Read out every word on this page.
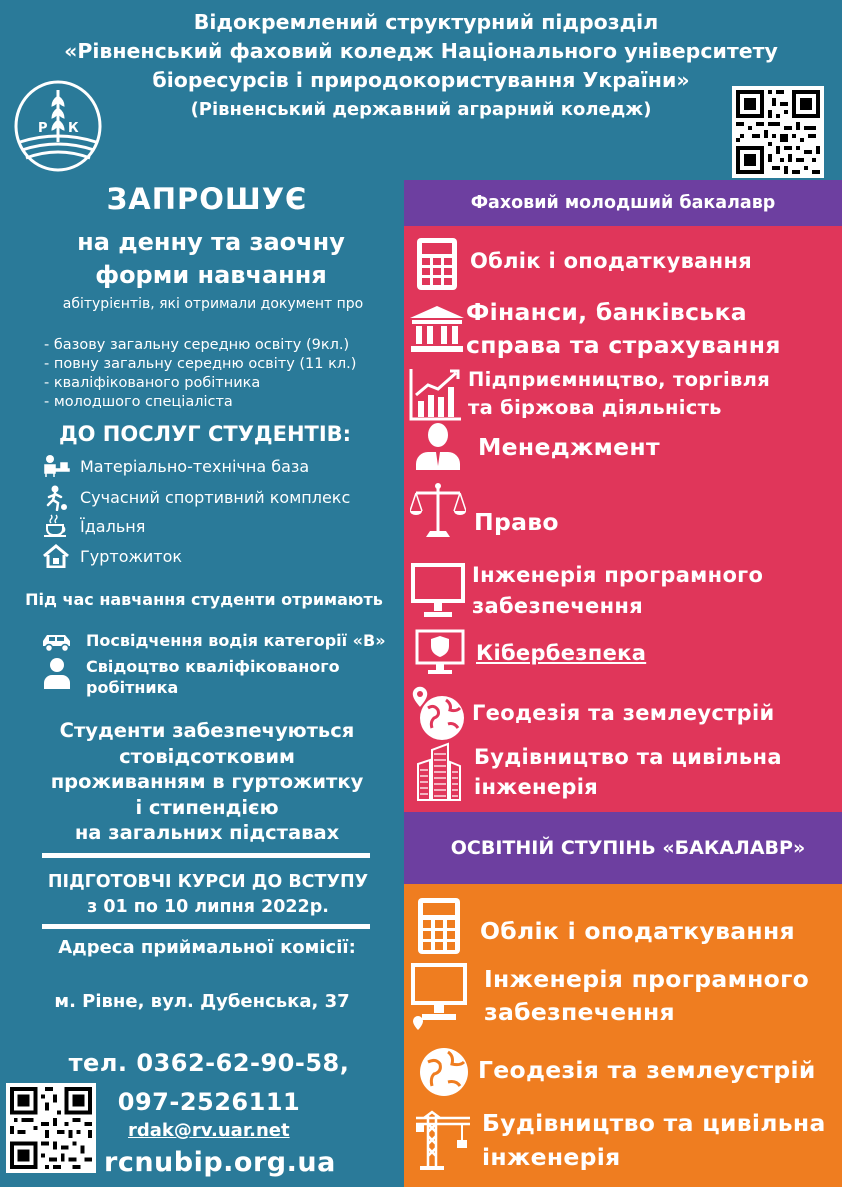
Відокремлений структурний підрозділ
«Рівненський фаховий коледж Національного університету
біоресурсів і природокористування України»
(Рівненський державний аграрний коледж)
Р К
ЗАПРОШУЄ
на денну та заочну
форми навчання
абітурієнтів, які отримали документ про
- базову загальну середню освіту (9кл.)
- повну загальну середню освіту (11 кл.)
- кваліфікованого робітника
- молодшого спеціаліста
ДО ПОСЛУГ СТУДЕНТІВ:
Матеріально-технічна база
Сучасний спортивний комплекс
Їдальня
Гуртожиток
Під час навчання студенти отримають
Посвідчення водія категорії «В»
Свідоцтво кваліфікованого
робітника
Студенти забезпечуються
стовідсотковим
проживанням в гуртожитку
і стипендією
на загальних підставах
ПІДГОТОВЧІ КУРСИ ДО ВСТУПУ
з 01 по 10 липня 2022р.
Адреса приймальної комісії:
м. Рівне, вул. Дубенська, 37
тел. 0362-62-90-58,
097-2526111
rdak@rv.uar.net
rcnubip.org.ua
Фаховий молодший бакалавр
Облік і оподаткування
Фінанси, банківська
справа та страхування
Підприємництво, торгівля
та біржова діяльність
Менеджмент
Право
Інженерія програмного
забезпечення
Кібербезпека
Геодезія та землеустрій
Будівництво та цивільна
інженерія
ОСВІТНІЙ СТУПІНЬ «БАКАЛАВР»
Облік і оподаткування
Інженерія програмного
забезпечення
Геодезія та землеустрій
Будівництво та цивільна
інженерія
